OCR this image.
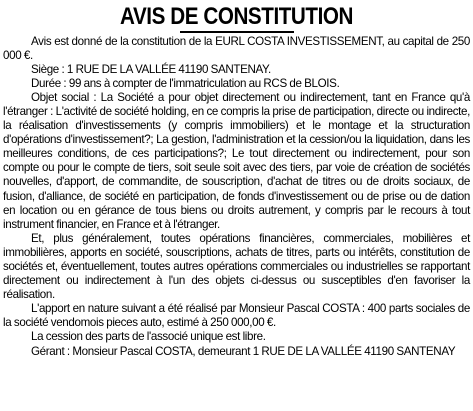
AVIS DE CONSTITUTION

Avis est donné de la constitution de la EURL COSTA INVESTISSEMENT, au capital de 250 000 €.

Siège : 1 RUE DE LA VALLÉE 41190 SANTENAY.

Durée : 99 ans à compter de l'immatriculation au RCS de BLOIS.

Objet social : La Société a pour objet directement ou indirectement, tant en France qu'à l'étranger : L'activité de société holding, en ce compris la prise de participation, directe ou indirecte, la réalisation d'investissements (y compris immobiliers) et le montage et la structuration d'opérations d'investissement?; La gestion, l'administration et la cession/ou la liquidation, dans les meilleures conditions, de ces participations?; Le tout directement ou indirectement, pour son compte ou pour le compte de tiers, soit seule soit avec des tiers, par voie de création de sociétés nouvelles, d'apport, de commandite, de souscription, d'achat de titres ou de droits sociaux, de fusion, d'alliance, de société en participation, de fonds d'investissement ou de prise ou de dation en location ou en gérance de tous biens ou droits autrement, y compris par le recours à tout instrument financier, en France et à l'étranger.

Et, plus généralement, toutes opérations financières, commerciales, mobilières et immobilières, apports en société, souscriptions, achats de titres, parts ou intérêts, constitution de sociétés et, éventuellement, toutes autres opérations commerciales ou industrielles se rapportant directement ou indirectement à l'un des objets ci-dessus ou susceptibles d'en favoriser la réalisation.

L'apport en nature suivant a été réalisé par Monsieur Pascal COSTA : 400 parts sociales de la société vendomois pieces auto, estimé à 250 000,00 €.

La cession des parts de l'associé unique est libre.

Gérant : Monsieur Pascal COSTA, demeurant 1 RUE DE LA VALLÉE 41190 SANTENAY
